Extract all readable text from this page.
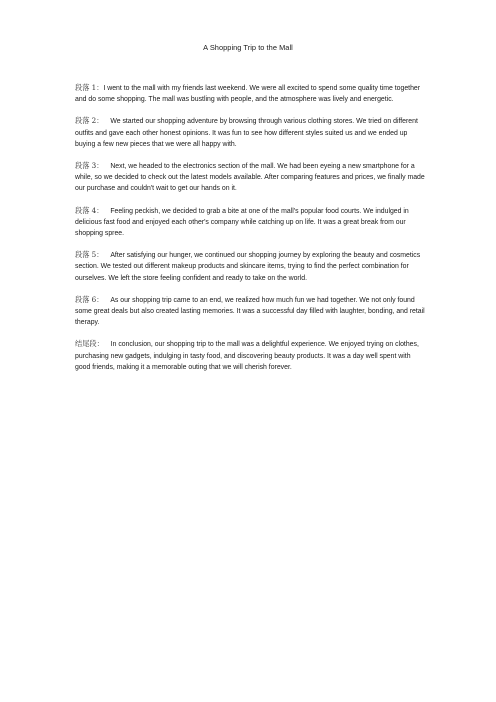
A Shopping Trip to the Mall

段落 1：I went to the mall with my friends last weekend. We were all excited to spend some quality time together and do some shopping. The mall was bustling with people, and the atmosphere was lively and energetic.

段落 2：  We started our shopping adventure by browsing through various clothing stores. We tried on different outfits and gave each other honest opinions. It was fun to see how different styles suited us and we ended up buying a few new pieces that we were all happy with.

段落 3：  Next, we headed to the electronics section of the mall. We had been eyeing a new smartphone for a while, so we decided to check out the latest models available. After comparing features and prices, we finally made our purchase and couldn't wait to get our hands on it.

段落 4：  Feeling peckish, we decided to grab a bite at one of the mall's popular food courts. We indulged in delicious fast food and enjoyed each other's company while catching up on life. It was a great break from our shopping spree.

段落 5：  After satisfying our hunger, we continued our shopping journey by exploring the beauty and cosmetics section. We tested out different makeup products and skincare items, trying to find the perfect combination for ourselves. We left the store feeling confident and ready to take on the world.

段落 6：  As our shopping trip came to an end, we realized how much fun we had together. We not only found some great deals but also created lasting memories. It was a successful day filled with laughter, bonding, and retail therapy.

结尾段：  In conclusion, our shopping trip to the mall was a delightful experience. We enjoyed trying on clothes, purchasing new gadgets, indulging in tasty food, and discovering beauty products. It was a day well spent with good friends, making it a memorable outing that we will cherish forever.
